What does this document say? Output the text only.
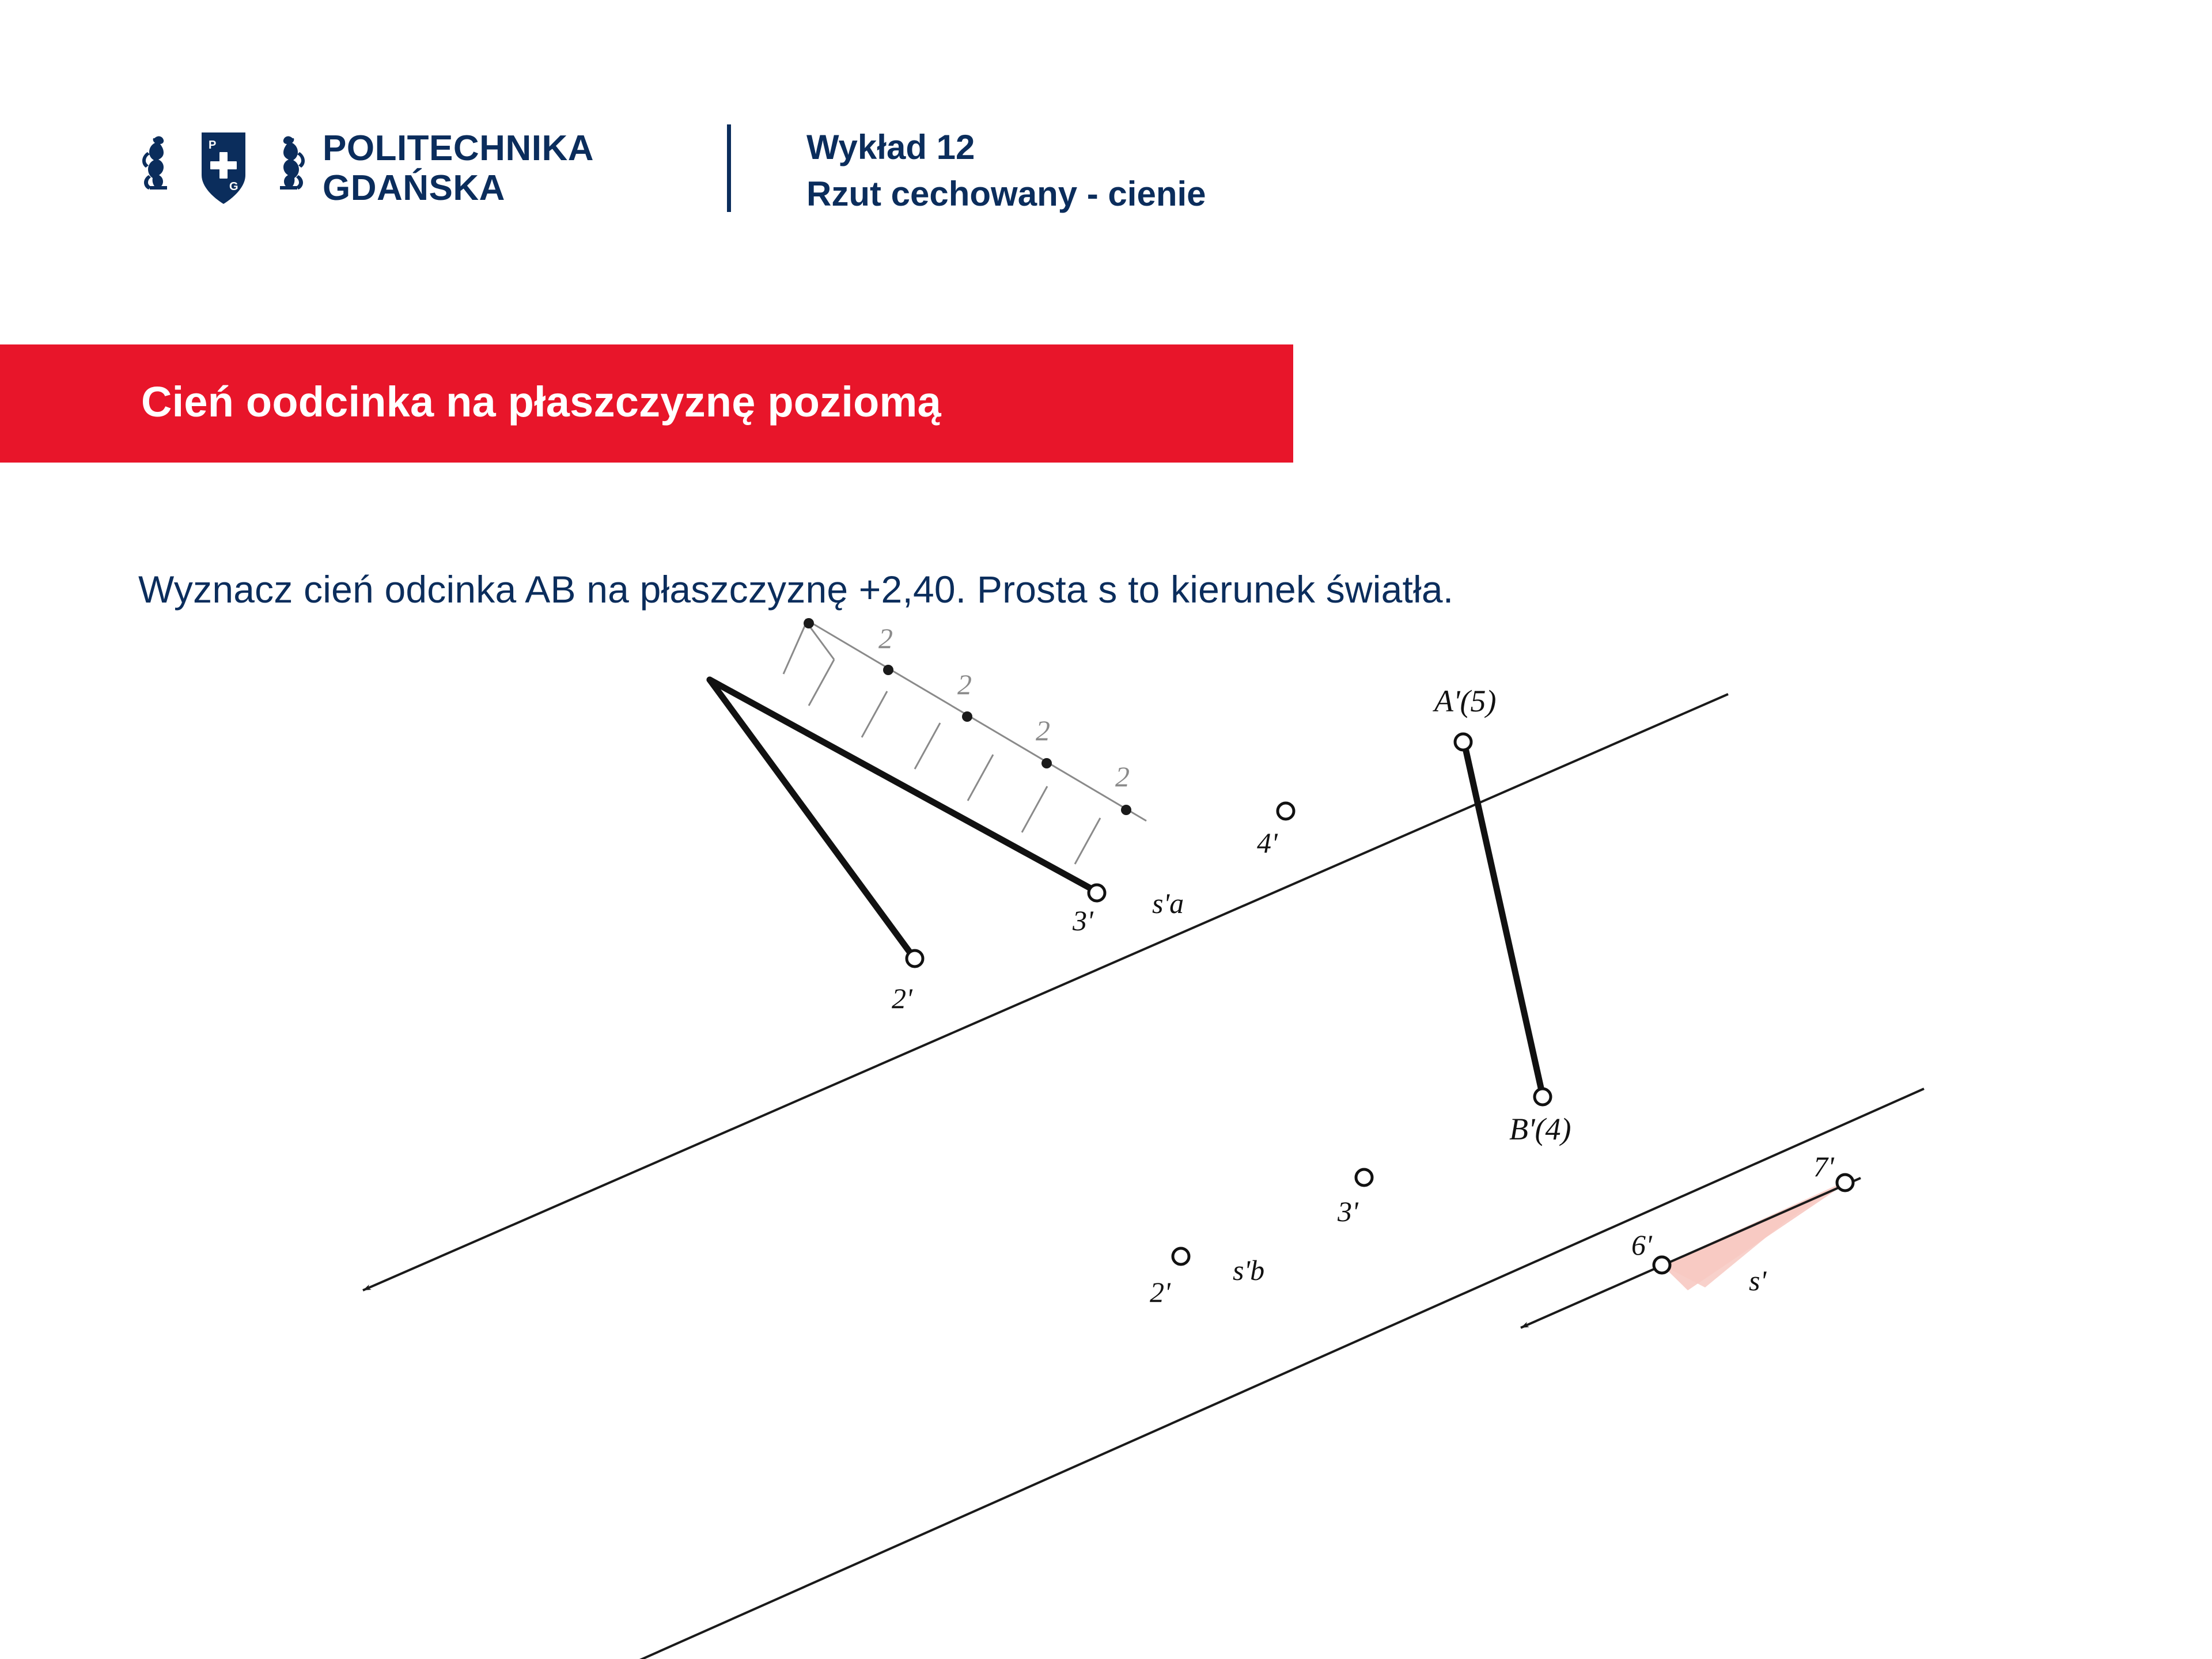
P
G
POLITECHNIKA
GDAŃSKA
Wykład 12
Rzut cechowany - cienie
Cień oodcinka na płaszczyznę poziomą
Wyznacz cień odcinka AB na płaszczyznę +2,40. Prosta s to kierunek światła.
2
2
2
2
A'(5)
4'
3'
2'
B'(4)
7'
6'
s'
3'
2'
s'a
s'b
